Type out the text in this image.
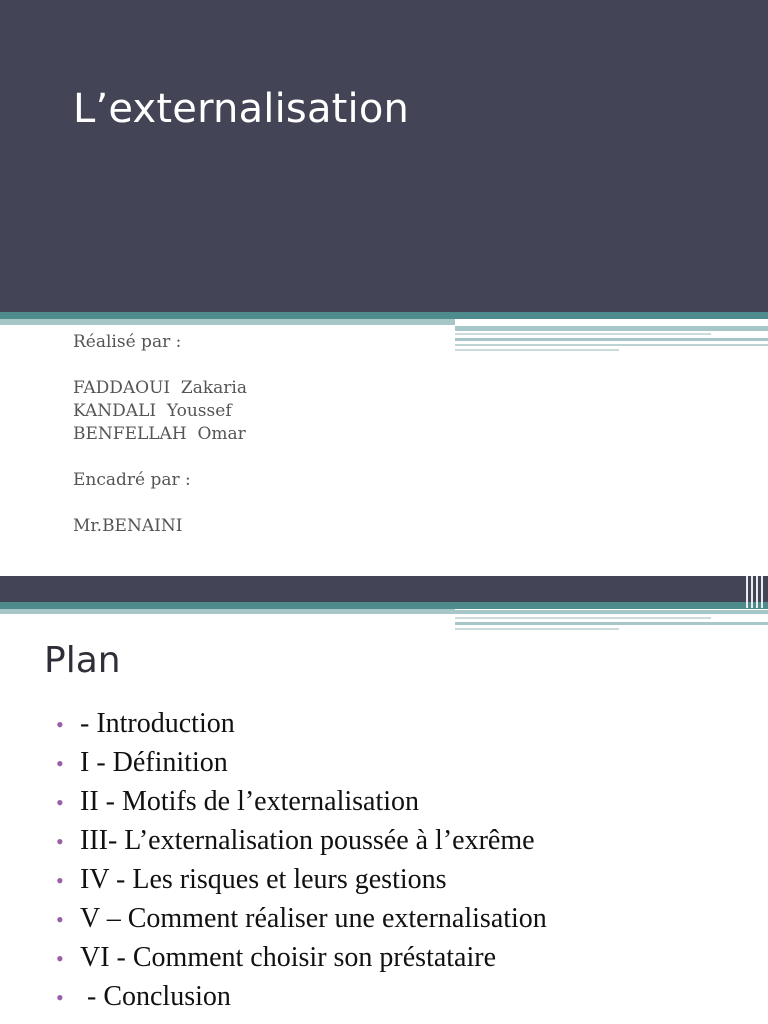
L’externalisation
Réalisé par :
FADDAOUI  Zakaria
KANDALI  Youssef
BENFELLAH  Omar
Encadré par :
Mr.BENAINI
Plan
• - Introduction
• I - Définition
• II - Motifs de l’externalisation
• III- L’externalisation poussée à l’exrême
• IV - Les risques et leurs gestions
• V – Comment réaliser une externalisation
• VI - Comment choisir son préstataire
• - Conclusion
